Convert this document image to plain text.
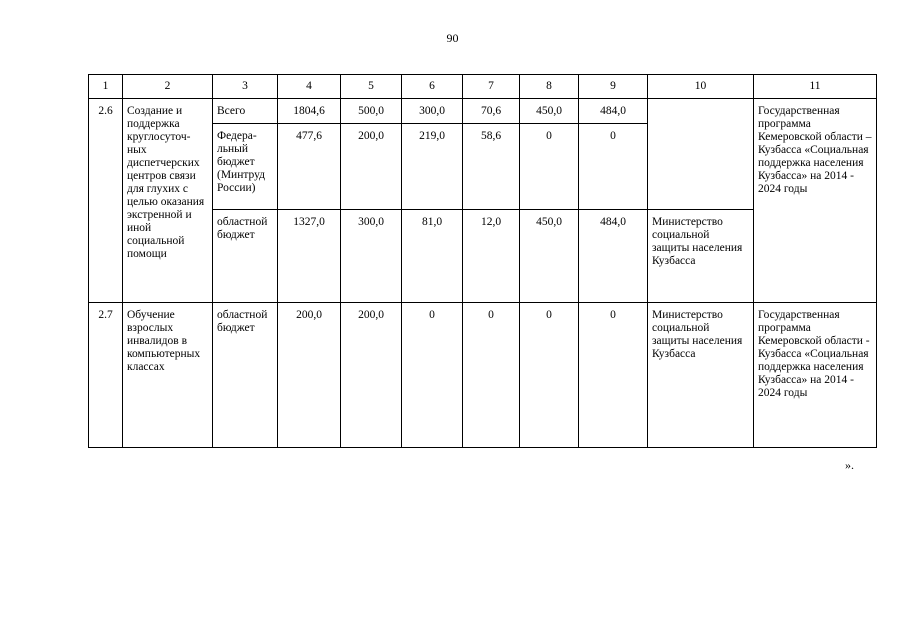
90
1	2	3	4	5	6	7	8	9	10	11
2.6	Создание и поддержка круглосуточ-ных диспетчерских центров связи для глухих с целью оказания экстренной и иной социальной помощи	Всего	1804,6	500,0	300,0	70,6	450,0	484,0		Государственная программа Кемеровской области – Кузбасса «Социальная поддержка населения Кузбасса» на 2014 - 2024 годы
		Федера-льный бюджет (Минтруд России)	477,6	200,0	219,0	58,6	0	0		
		областной бюджет	1327,0	300,0	81,0	12,0	450,0	484,0	Министерство социальной защиты населения Кузбасса	
2.7	Обучение взрослых инвалидов в компьютерных классах	областной бюджет	200,0	200,0	0	0	0	0	Министерство социальной защиты населения Кузбасса	Государственная программа Кемеровской области - Кузбасса «Социальная поддержка населения Кузбасса» на 2014 - 2024 годы
».
